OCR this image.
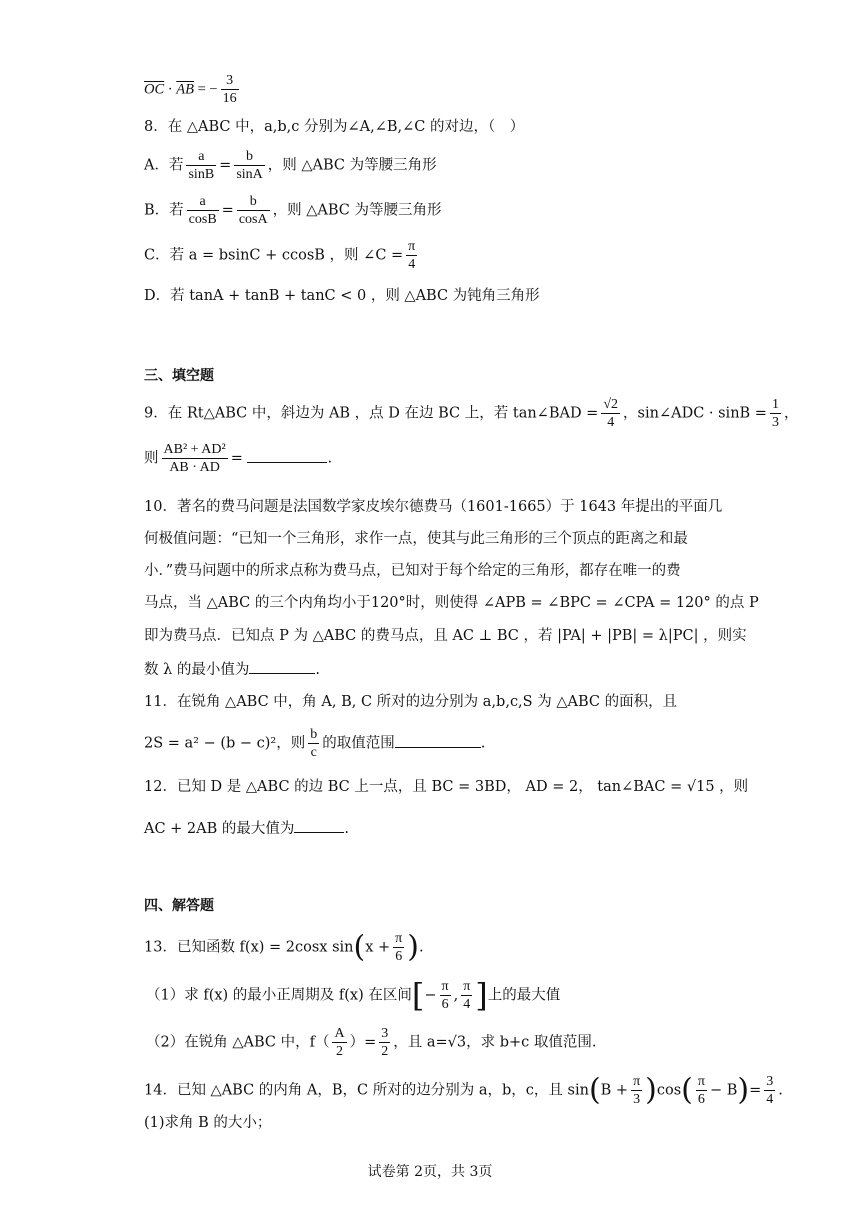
$\overline{OC} \cdot \overline{AB}$ = − $\frac{3}{16}$
8．在 △ABC 中，a,b,c 分别为∠A,∠B,∠C 的对边，（　）
A．若 $\frac{a}{\sin B} = \frac{b}{\sin A}$ ，则 △ABC 为等腰三角形
B．若 $\frac{a}{\cos B} = \frac{b}{\cos A}$ ，则 △ABC 为等腰三角形
C．若 a = bsinC + ccosB ，则 ∠C = $\frac{\pi}{4}$
D．若 tanA + tanB + tanC < 0 ，则 △ABC 为钝角三角形
三、填空题
9．在 Rt△ABC 中，斜边为 AB ，点 D 在边 BC 上，若 tan∠BAD = $\frac{√2}{4}$ ，sin∠ADC · $\sin B = \frac{1}{3}$ ，
则 $\frac{\text{AB² + AD²}}{AB \cdot AD}$ =	.
10．著名的费马问题是法国数学家皮埃尔德费马（1601-1665）于 1643 年提出的平面几
何极值问题：“已知一个三角形，求作一点，使其与此三角形的三个顶点的距离之和最
小．”费马问题中的所求点称为费马点，已知对于每个给定的三角形，都存在唯一的费
马点，当 △ABC 的三个内角均小于120°时，则使得 ∠APB = ∠BPC = ∠CPA = 120° 的点 P
即为费马点．已知点 P 为 △ABC 的费马点，且 AC ⊥ BC ，若 |PA| + |PB| = λ|PC| ，则实
数 λ 的最小值为	.
11．在锐角 △ABC 中，角 A, B, C 所对的边分别为 a,b,c,S 为 △ABC 的面积，且
2S = a² − (b − c)²，则 $\frac{b}{c}$ 的取值范围	.
12．已知 D 是 △ABC 的边 BC 上一点，且 BC = 3BD， AD = 2， tan∠BAC = √15 ，则
AC + 2AB 的最大值为	.
四、解答题
13．已知函数 f(x) = 2cosx $\sin(x + \frac{\pi}{6}$ ).
（1）求 f(x) 的最小正周期及 f(x) 在区间[− $\frac{\pi}{6}$ , $\frac{\pi}{4}$ ]上的最大值
（2）在锐角 △ABC 中，$f( \frac{A}{2}$ ）= $\frac{3}{2}$ ，且 a=√3，求 b+c 取值范围.
14．已知 △ABC 的内角 A，B，C 所对的边分别为 a，b，c，且 $\sin(B + \frac{\pi}{3} )\cos( \frac{\pi}{6} - B)= \frac{3}{4}$ .
(1)求角 B 的大小；
试卷第 2页，共 3页
